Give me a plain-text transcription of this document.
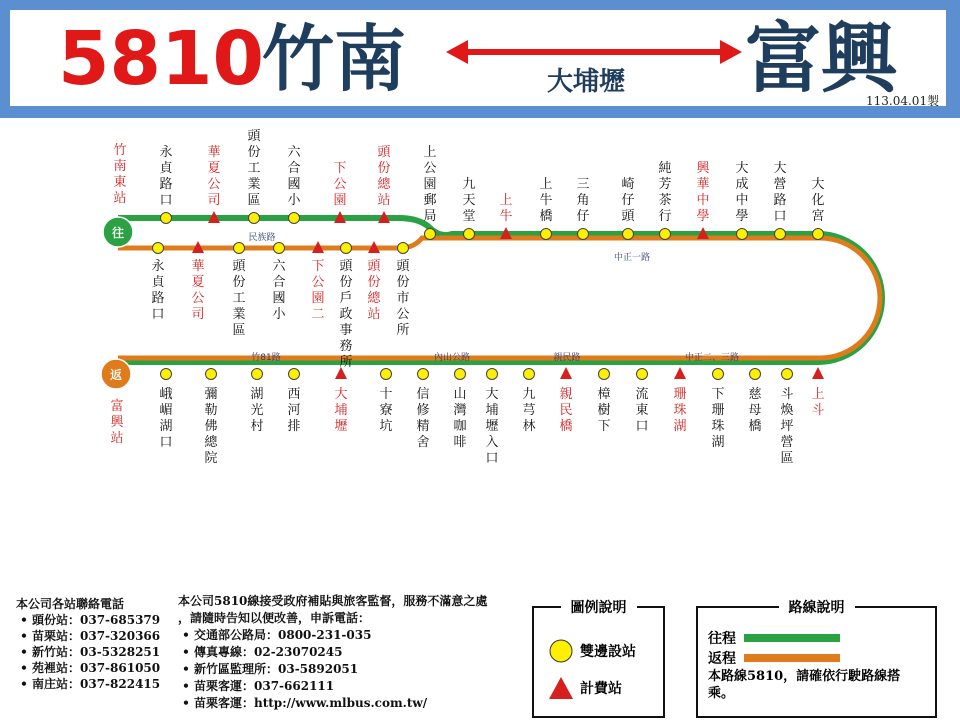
5810
竹南	大埔壢 富興
113.04.01製
民族路
中正一路
竹81路	內山公路	親民路	中正二、三路
竹
南
東
站
往
返
富
興
站
永
貞
路
口
華
夏
公
司
頭
份
工
業
區
六
合
國
小
下
公
園
頭
份
總
站
上
公
園
郵
局
九
天
堂
上
牛
上
牛
橋
三
角
仔
崎
仔
頭
純
芳
茶
行
興
華
中
學
大
成
中
學
大
營
路
口
大
化
宮
永
貞
路
口
華
夏
公
司
頭
份
工
業
區
六
合
國
小
下
公
園
二
頭
份
戶
政
事
務
所
頭
份
總
站
頭
份
市
公
所
峨
嵋
湖
口
彌
勒
佛
總
院
湖
光
村
西
河
排
大
埔
壢
十
寮
坑
信
修
精
舍
山
灣
咖
啡
大
埔
壢
入
口
九
芎
林
親
民
橋
樟
樹
下
流
東
口
珊
珠
湖
下
珊
珠
湖
慈
母
橋
斗
煥
坪
營
區
上
斗
本公司各站聯絡電話
• 頭份站：037-685379
• 苗栗站：037-320366
• 新竹站：03-5328251
• 苑裡站：037-861050
• 南庄站：037-822415
本公司5810線接受政府補貼與旅客監督，服務不滿意之處
，請隨時告知以便改善，申訴電話：
• 交通部公路局：0800-231-035
• 傳真專線：02-23070245
• 新竹區監理所：03-5892051
• 苗栗客運：037-662111
• 苗栗客運：http://www.mlbus.com.tw/
圖例說明
雙邊設站
計費站
路線說明
往程
返程
本路線5810，請確依行駛路線搭乘。
